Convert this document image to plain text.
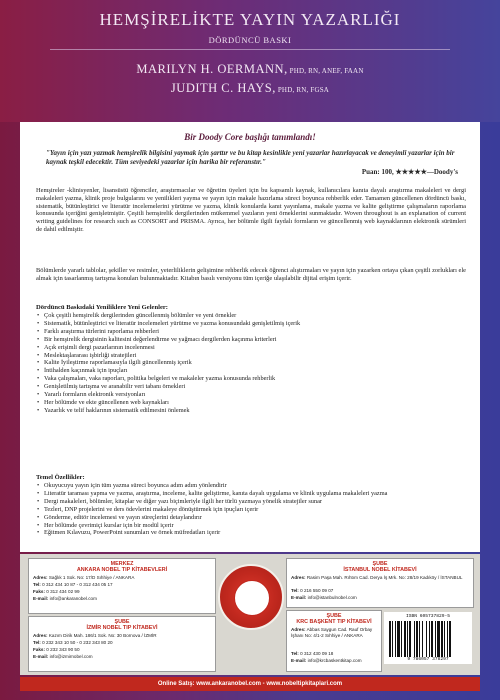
HEMŞİRELİKTE YAYIN YAZARLIĞI
DÖRDÜNCÜ BASKI
MARILYN H. OERMANN, PHD, RN, ANEF, FAAN
JUDITH C. HAYS, PHD, RN, FGSA
Bir Doody Core başlığı tanımlandı!
"Yayın için yazı yazmak hemşirelik bilgisini yaymak için şarttır ve bu kitap kesinlikle yeni yazarlar hazırlayacak ve deneyimli yazarlar için bir kaynak teşkil edecektir. Tüm seviyedeki yazarlar için harika bir referanstır."
Puan: 100, ★★★★★—Doody's
Hemşireler -klinisyenler, lisansüstü öğrenciler, araştırmacılar ve öğretim üyeleri için bu kapsamlı kaynak, kullanıcılara kanıta dayalı araştırma makaleleri ve dergi makaleleri yazma, klinik proje bulgularını ve yenilikleri yayma ve yayın için makale hazırlama süreci boyunca rehberlik eder. Tamamen güncellenen dördüncü baskı, sistematik, bütünleştirici ve literatür incelemelerini yürütme ve yazma, klinik konularda kanıt yayınlama, makale yazma ve kalite geliştirme çalışmaların raporlama konusunda içeriğini genişletmiştir. Çeşitli hemşirelik dergilerinden mükemmel yazıların yeni örneklerini sunmaktadır. Woven throughout is an explanation of current writing guidelines for research such as CONSORT and PRISMA. Ayrıca, her bölümle ilgili faydalı formların ve güncellenmiş web kaynaklarının elektronik sürümleri de dahil edilmiştir.
Bölümlerde yararlı tablolar, şekiller ve resimler, yeterliliklerin gelişimine rehberlik edecek öğrenci alıştırmaları ve yayın için yazarken ortaya çıkan çeşitli zorlukları ele almak için tasarlanmış tartışma konuları bulunmaktadır. Kitabın basılı versiyonu tüm içeriğe ulaşılabilir dijital erişim içerir.
Dördüncü Baskıdaki Yeniliklere Yeni Gelenler:
• Çok çeşitli hemşirelik dergilerinden güncellenmiş bölümler ve yeni örnekler
• Sistematik, bütünleştirici ve literatür incelemeleri yürütme ve yazma konusundaki genişletilmiş içerik
• Farklı araştırma türlerini raporlama rehberleri
• Bir hemşirelik dergisinin kalitesini değerlendirme ve yağmacı dergilerden kaçınma kriterleri
• Açık erişimli dergi pazarlarının incelenmesi
• Meslektaşlararası işbirliği stratejileri
• Kalite İyileştirme raporlamasıyla ilgili güncellenmiş içerik
• İntihalden kaçınmak için ipuçları
• Vaka çalışmaları, vaka raporları, politika belgeleri ve makaleler yazma konusunda rehberlik
• Genişletilmiş tartışma ve aranabilir veri tabanı örnekleri
• Yararlı formların elektronik versiyonları
• Her bölümde ve ekte güncellenen web kaynakları
• Yazarlık ve telif haklarının sistematik edilmesini önlemek
Temel Özellikler:
• Okuyucuyu yayın için tüm yazma süreci boyunca adım adım yönlendirir
• Literatür taraması yapma ve yazma, araştırma, inceleme, kalite geliştirme, kanıta dayalı uygulama ve klinik uygulama makaleleri yazma
• Dergi makaleleri, bölümler, kitaplar ve diğer yazı biçimleriyle ilgili her türlü yazmaya yönelik stratejiler sunar
• Tezleri, DNP projelerini ve ders ödevlerini makaleye dönüştürmek için ipuçları içerir
• Gönderme, editör incelemesi ve yayın süreçlerini detaylandırır
• Her bölümde çevrimiçi kurslar için bir modül içerir
• Eğitmen Kılavuzu, PowerPoint sunumları ve örnek müfredatları içerir
MERKEZ
ANKARA NOBEL TIP KİTABEVLERİ
Adres: Sağlık 1 Sok. No: 17/D Sıhhiye / ANKARA
Tel: 0 312 434 10 87 - 0 312 434 05 17
Faks: 0 312 434 02 99
E-mail: info@ankaranobel.com
ŞUBE
İZMİR NOBEL TIP KİTABEVİ
Adres: Kazım Dirik Mah. 186/1 Sok. No: 30 Bornova / İZMİR
Tel: 0 232 343 10 50 - 0 232 343 80 20
Faks: 0 232 343 90 50
E-mail: info@izmirnobel.com
ŞUBE
İSTANBUL NOBEL KİTABEVİ
Adres: Rasim Paşa Mah. Rıhtım Cad. Derya İş Mrk. No: 28/19 Kadıköy / İSTANBUL
Tel: 0 216 550 09 07
E-mail: info@istanbulnobel.com
ŞUBE
KRC BAŞKENT TIP KİTABEVİ
Adres: Abbas Saygun Cad. Rauf Orbay İşhanı No: 4/1-2 Sıhhiye / ANKARA
Tel: 0 312 430 09 18
E-mail: info@krcbaskentkitap.com
ISBN 605737829-5
9 786057 378297
Online Satış: www.ankaranobel.com - www.nobeltipkitaplari.com
